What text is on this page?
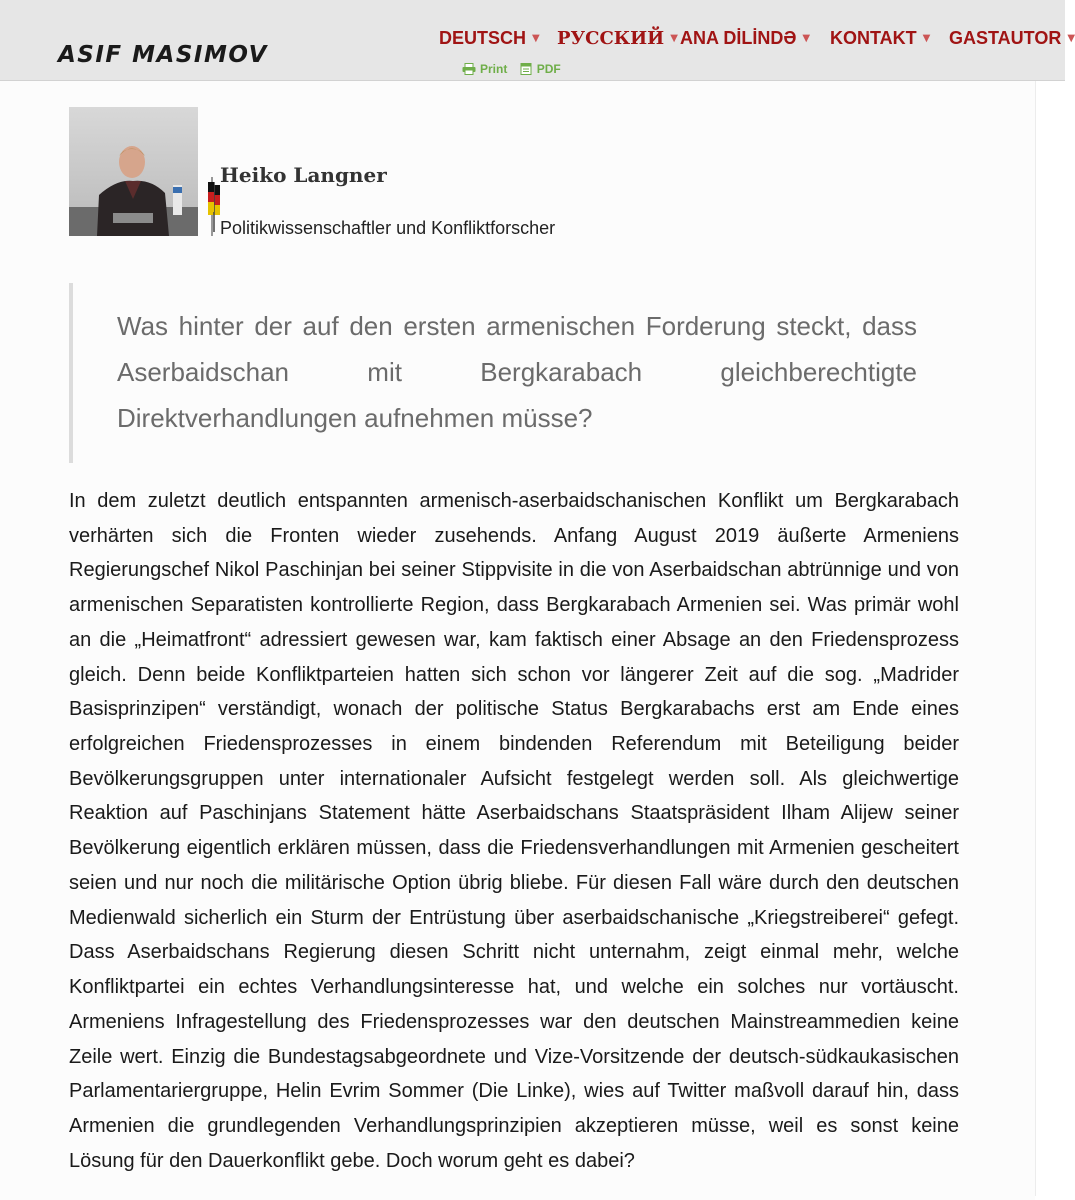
ASIF MASIMOV
DEUTSCH ▼ РУССКИЙ ▼ ANA DİLİNDƏ ▼ KONTAKT ▼ GASTAUTOR ▼
Print PDF
Heiko Langner
Politikwissenschaftler und Konfliktforscher

Was hinter der auf den ersten armenischen Forderung steckt, dass Aserbaidschan mit Bergkarabach gleichberechtigte Direktverhandlungen aufnehmen müsse?

In dem zuletzt deutlich entspannten armenisch-aserbaidschanischen Konflikt um Bergkarabach verhärten sich die Fronten wieder zusehends. Anfang August 2019 äußerte Armeniens Regierungschef Nikol Paschinjan bei seiner Stippvisite in die von Aserbaidschan abtrünnige und von armenischen Separatisten kontrollierte Region, dass Bergkarabach Armenien sei. Was primär wohl an die „Heimatfront“ adressiert gewesen war, kam faktisch einer Absage an den Friedensprozess gleich. Denn beide Konfliktparteien hatten sich schon vor längerer Zeit auf die sog. „Madrider Basisprinzipen“ verständigt, wonach der politische Status Bergkarabachs erst am Ende eines erfolgreichen Friedensprozesses in einem bindenden Referendum mit Beteiligung beider Bevölkerungsgruppen unter internationaler Aufsicht festgelegt werden soll. Als gleichwertige Reaktion auf Paschinjans Statement hätte Aserbaidschans Staatspräsident Ilham Alijew seiner Bevölkerung eigentlich erklären müssen, dass die Friedensverhandlungen mit Armenien gescheitert seien und nur noch die militärische Option übrig bliebe. Für diesen Fall wäre durch den deutschen Medienwald sicherlich ein Sturm der Entrüstung über aserbaidschanische „Kriegstreiberei“ gefegt. Dass Aserbaidschans Regierung diesen Schritt nicht unternahm, zeigt einmal mehr, welche Konfliktpartei ein echtes Verhandlungsinteresse hat, und welche ein solches nur vortäuscht. Armeniens Infragestellung des Friedensprozesses war den deutschen Mainstreammedien keine Zeile wert. Einzig die Bundestagsabgeordnete und Vize-Vorsitzende der deutsch-südkaukasischen Parlamentariergruppe, Helin Evrim Sommer (Die Linke), wies auf Twitter maßvoll darauf hin, dass Armenien die grundlegenden Verhandlungsprinzipien akzeptieren müsse, weil es sonst keine Lösung für den Dauerkonflikt gebe. Doch worum geht es dabei?
